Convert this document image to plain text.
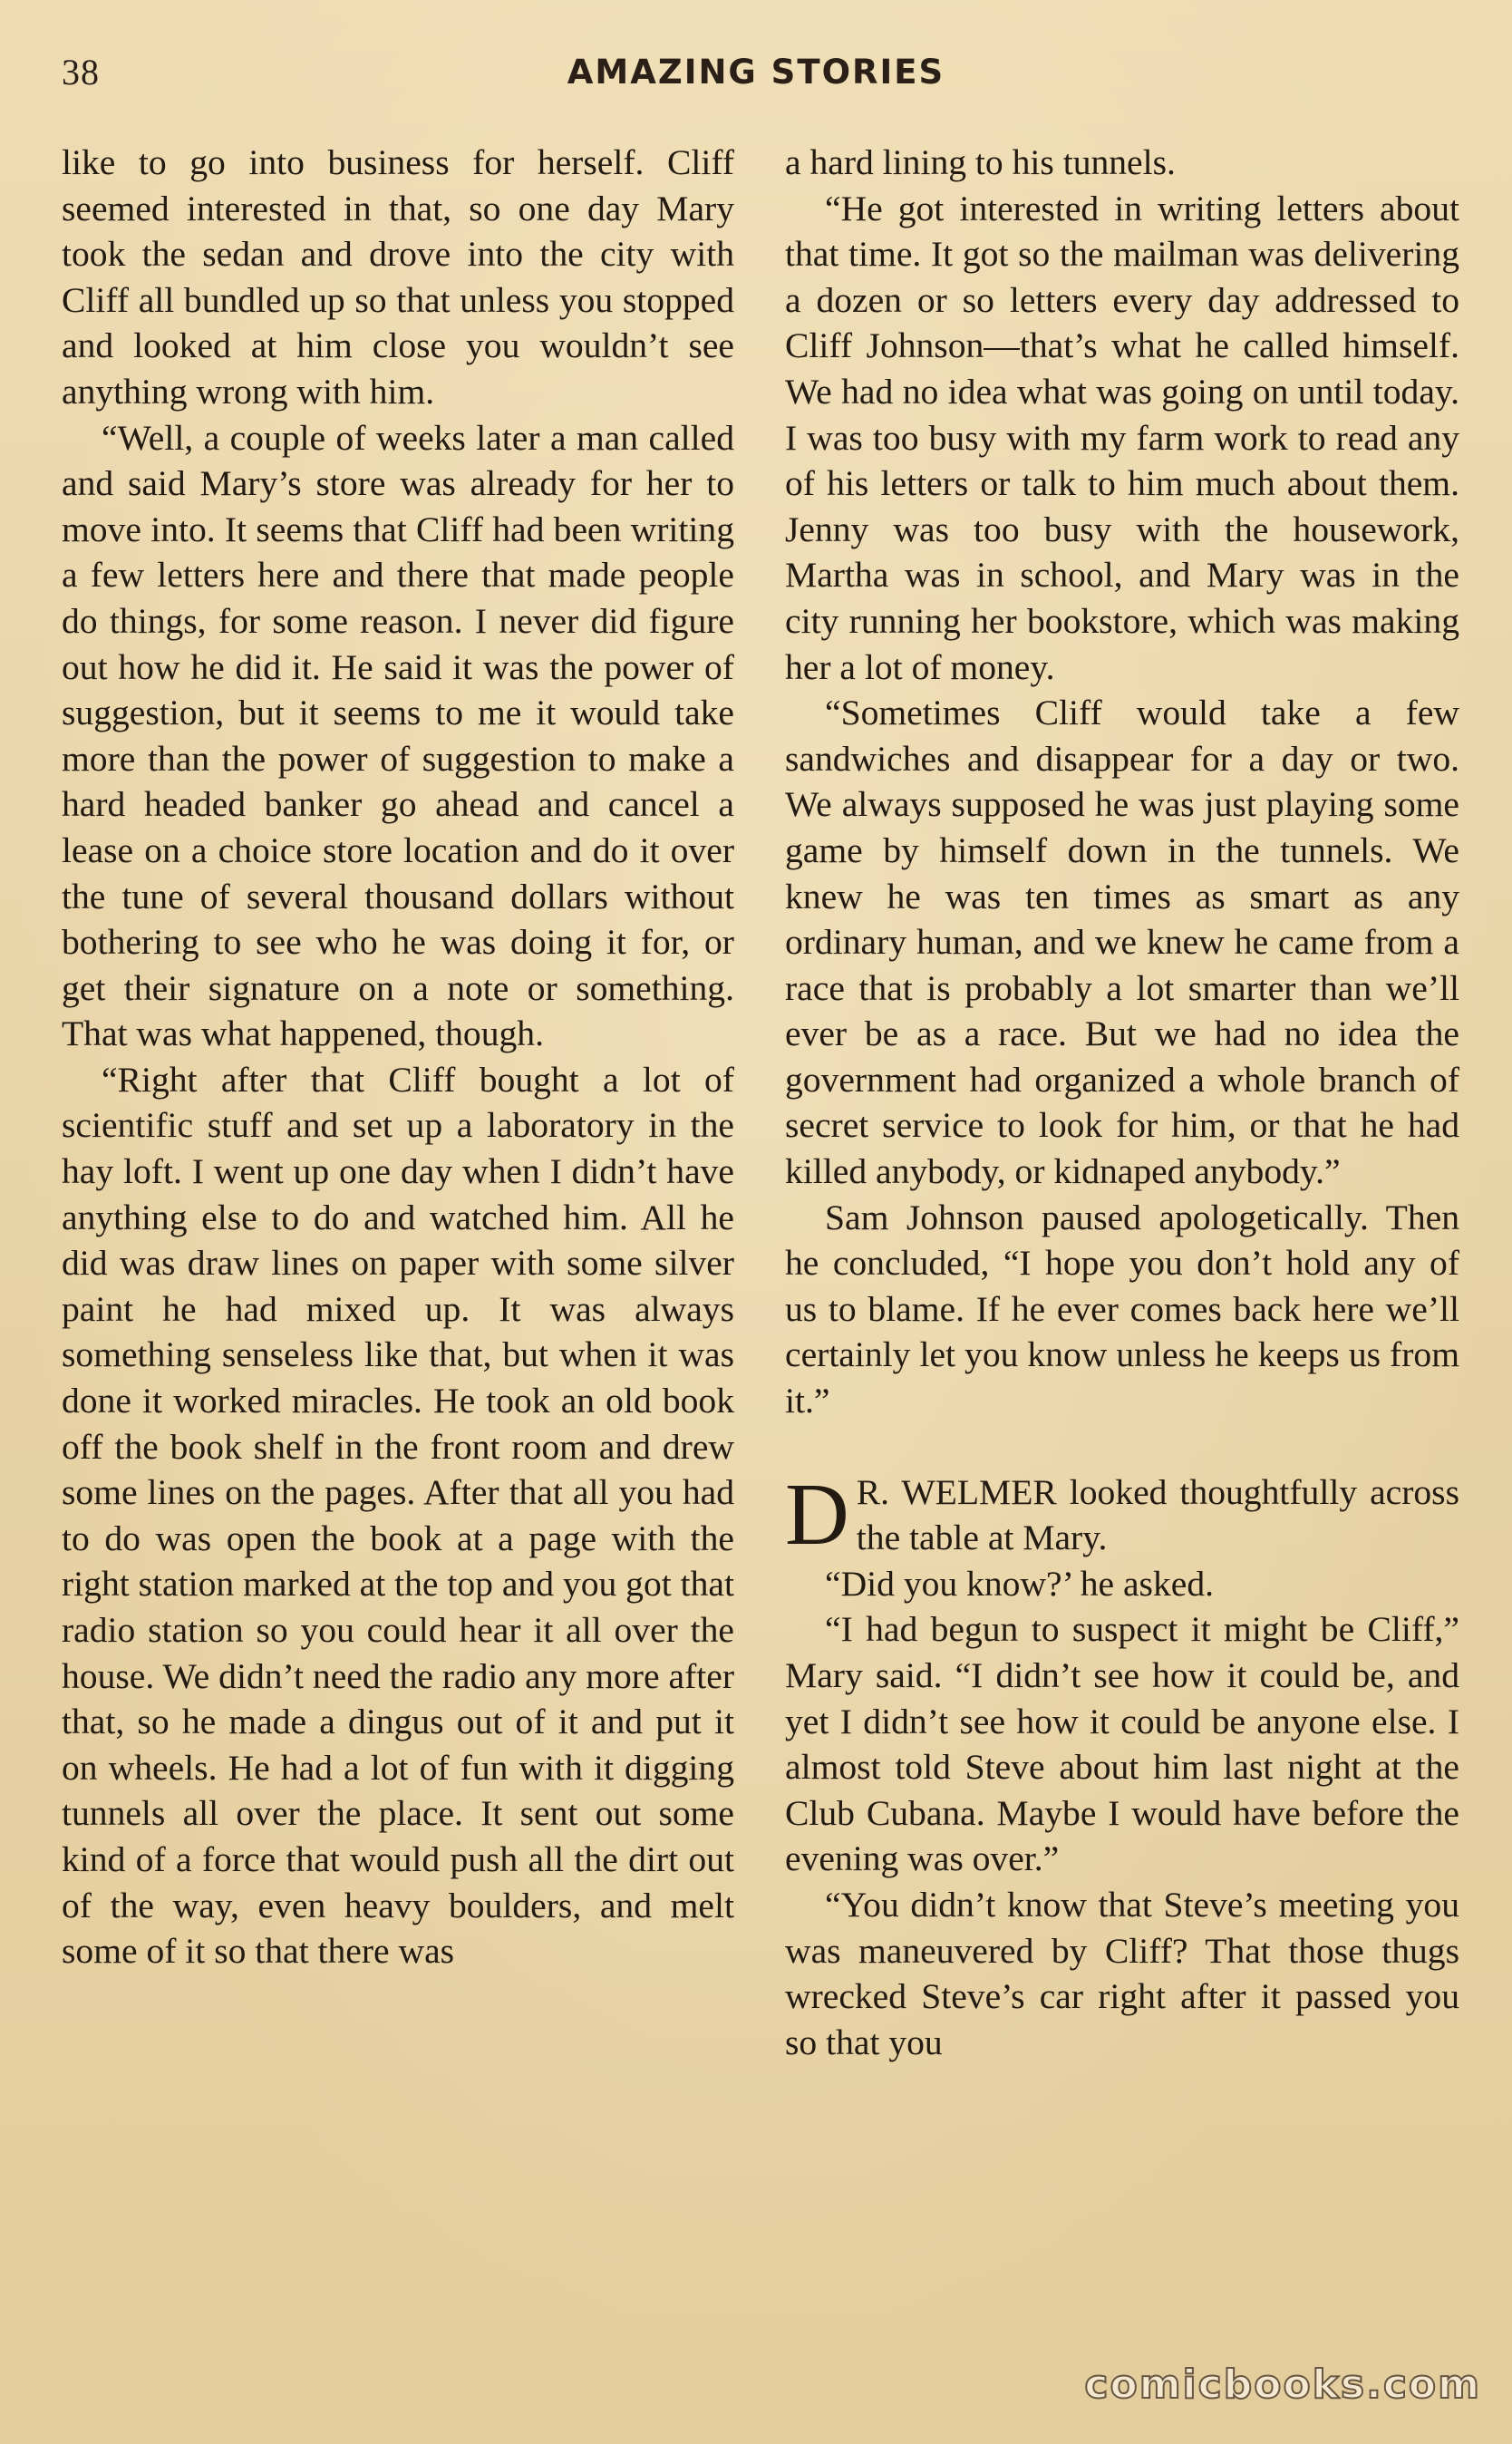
38	AMAZING STORIES

like to go into business for herself. Cliff seemed interested in that, so one day Mary took the sedan and drove into the city with Cliff all bundled up so that unless you stopped and looked at him close you wouldn’t see anything wrong with him.

“Well, a couple of weeks later a man called and said Mary’s store was already for her to move into. It seems that Cliff had been writing a few letters here and there that made people do things, for some reason. I never did figure out how he did it. He said it was the power of suggestion, but it seems to me it would take more than the power of suggestion to make a hard headed banker go ahead and cancel a lease on a choice store location and do it over the tune of several thousand dollars without bothering to see who he was doing it for, or get their signature on a note or something. That was what happened, though.

“Right after that Cliff bought a lot of scientific stuff and set up a laboratory in the hay loft. I went up one day when I didn’t have anything else to do and watched him. All he did was draw lines on paper with some silver paint he had mixed up. It was always something senseless like that, but when it was done it worked miracles. He took an old book off the book shelf in the front room and drew some lines on the pages. After that all you had to do was open the book at a page with the right station marked at the top and you got that radio station so you could hear it all over the house. We didn’t need the radio any more after that, so he made a dingus out of it and put it on wheels. He had a lot of fun with it digging tunnels all over the place. It sent out some kind of a force that would push all the dirt out of the way, even heavy boulders, and melt some of it so that there was

a hard lining to his tunnels.

“He got interested in writing letters about that time. It got so the mailman was delivering a dozen or so letters every day addressed to Cliff Johnson—that’s what he called himself. We had no idea what was going on until today. I was too busy with my farm work to read any of his letters or talk to him much about them. Jenny was too busy with the housework, Martha was in school, and Mary was in the city running her bookstore, which was making her a lot of money.

“Sometimes Cliff would take a few sandwiches and disappear for a day or two. We always supposed he was just playing some game by himself down in the tunnels. We knew he was ten times as smart as any ordinary human, and we knew he came from a race that is probably a lot smarter than we’ll ever be as a race. But we had no idea the government had organized a whole branch of secret service to look for him, or that he had killed anybody, or kidnaped anybody.”

Sam Johnson paused apologetically. Then he concluded, “I hope you don’t hold any of us to blame. If he ever comes back here we’ll certainly let you know unless he keeps us from it.”

D R. WELMER looked thoughtfully across the table at Mary.

“Did you know?’ he asked.

“I had begun to suspect it might be Cliff,” Mary said. “I didn’t see how it could be, and yet I didn’t see how it could be anyone else. I almost told Steve about him last night at the Club Cubana. Maybe I would have before the evening was over.”

“You didn’t know that Steve’s meeting you was maneuvered by Cliff? That those thugs wrecked Steve’s car right after it passed you so that you

comicbooks.com
